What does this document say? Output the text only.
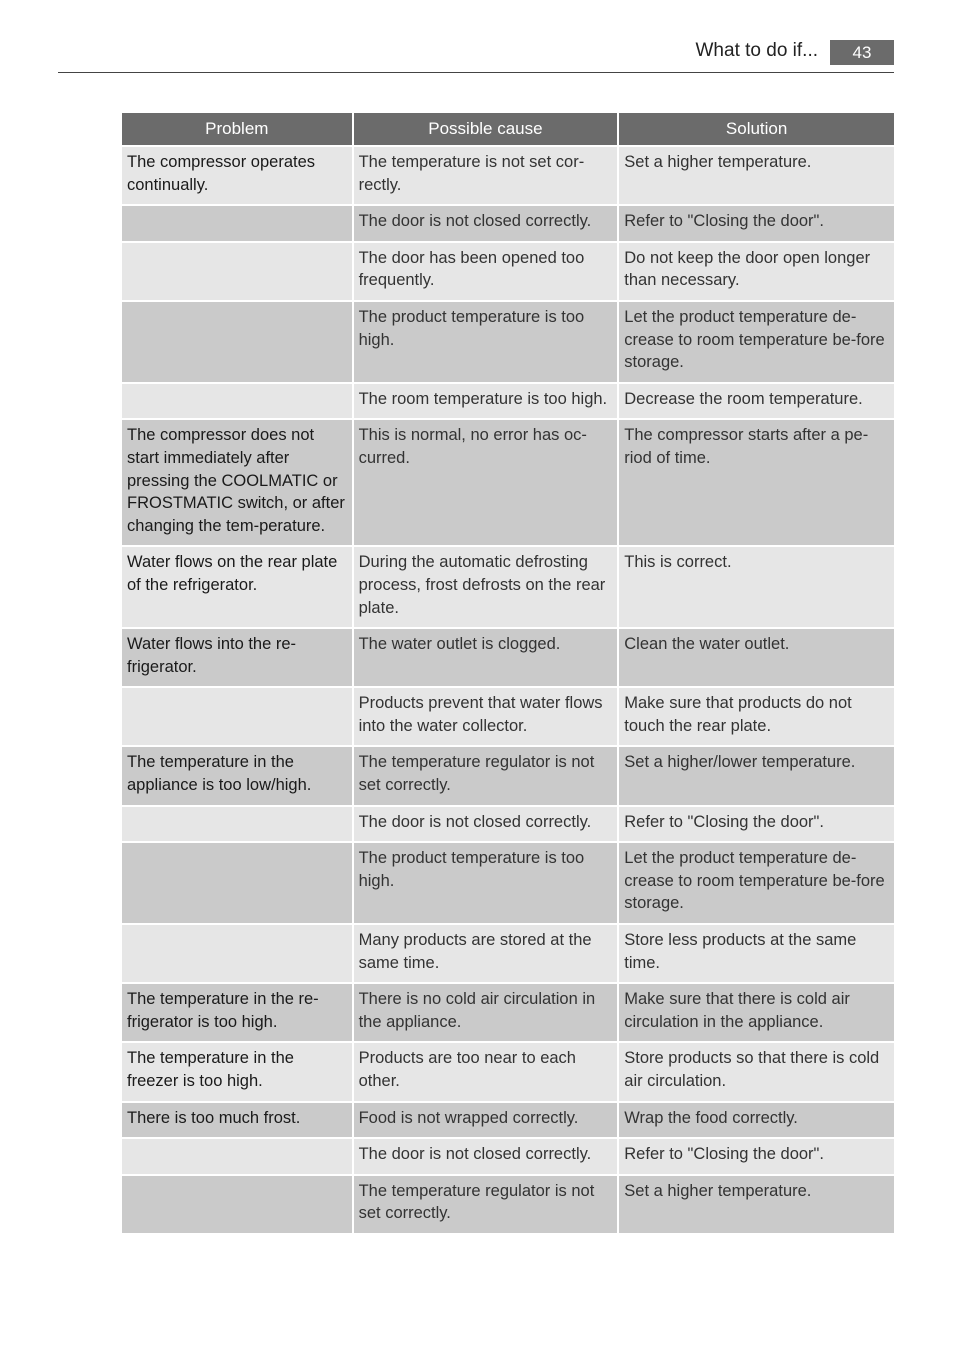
What to do if...	43
Problem	Possible cause	Solution
The compressor operates continually.	The temperature is not set cor-rectly.	Set a higher temperature.
	The door is not closed correctly.	Refer to "Closing the door".
	The door has been opened too frequently.	Do not keep the door open longer than necessary.
	The product temperature is too high.	Let the product temperature de-crease to room temperature be-fore storage.
	The room temperature is too high.	Decrease the room temperature.
The compressor does not start immediately after pressing the COOLMATIC or FROSTMATIC switch, or after changing the tem-perature.	This is normal, no error has oc-curred.	The compressor starts after a pe-riod of time.
Water flows on the rear plate of the refrigerator.	During the automatic defrosting process, frost defrosts on the rear plate.	This is correct.
Water flows into the re-frigerator.	The water outlet is clogged.	Clean the water outlet.
	Products prevent that water flows into the water collector.	Make sure that products do not touch the rear plate.
The temperature in the appliance is too low/high.	The temperature regulator is not set correctly.	Set a higher/lower temperature.
	The door is not closed correctly.	Refer to "Closing the door".
	The product temperature is too high.	Let the product temperature de-crease to room temperature be-fore storage.
	Many products are stored at the same time.	Store less products at the same time.
The temperature in the re-frigerator is too high.	There is no cold air circulation in the appliance.	Make sure that there is cold air circulation in the appliance.
The temperature in the freezer is too high.	Products are too near to each other.	Store products so that there is cold air circulation.
There is too much frost.	Food is not wrapped correctly.	Wrap the food correctly.
	The door is not closed correctly.	Refer to "Closing the door".
	The temperature regulator is not set correctly.	Set a higher temperature.
